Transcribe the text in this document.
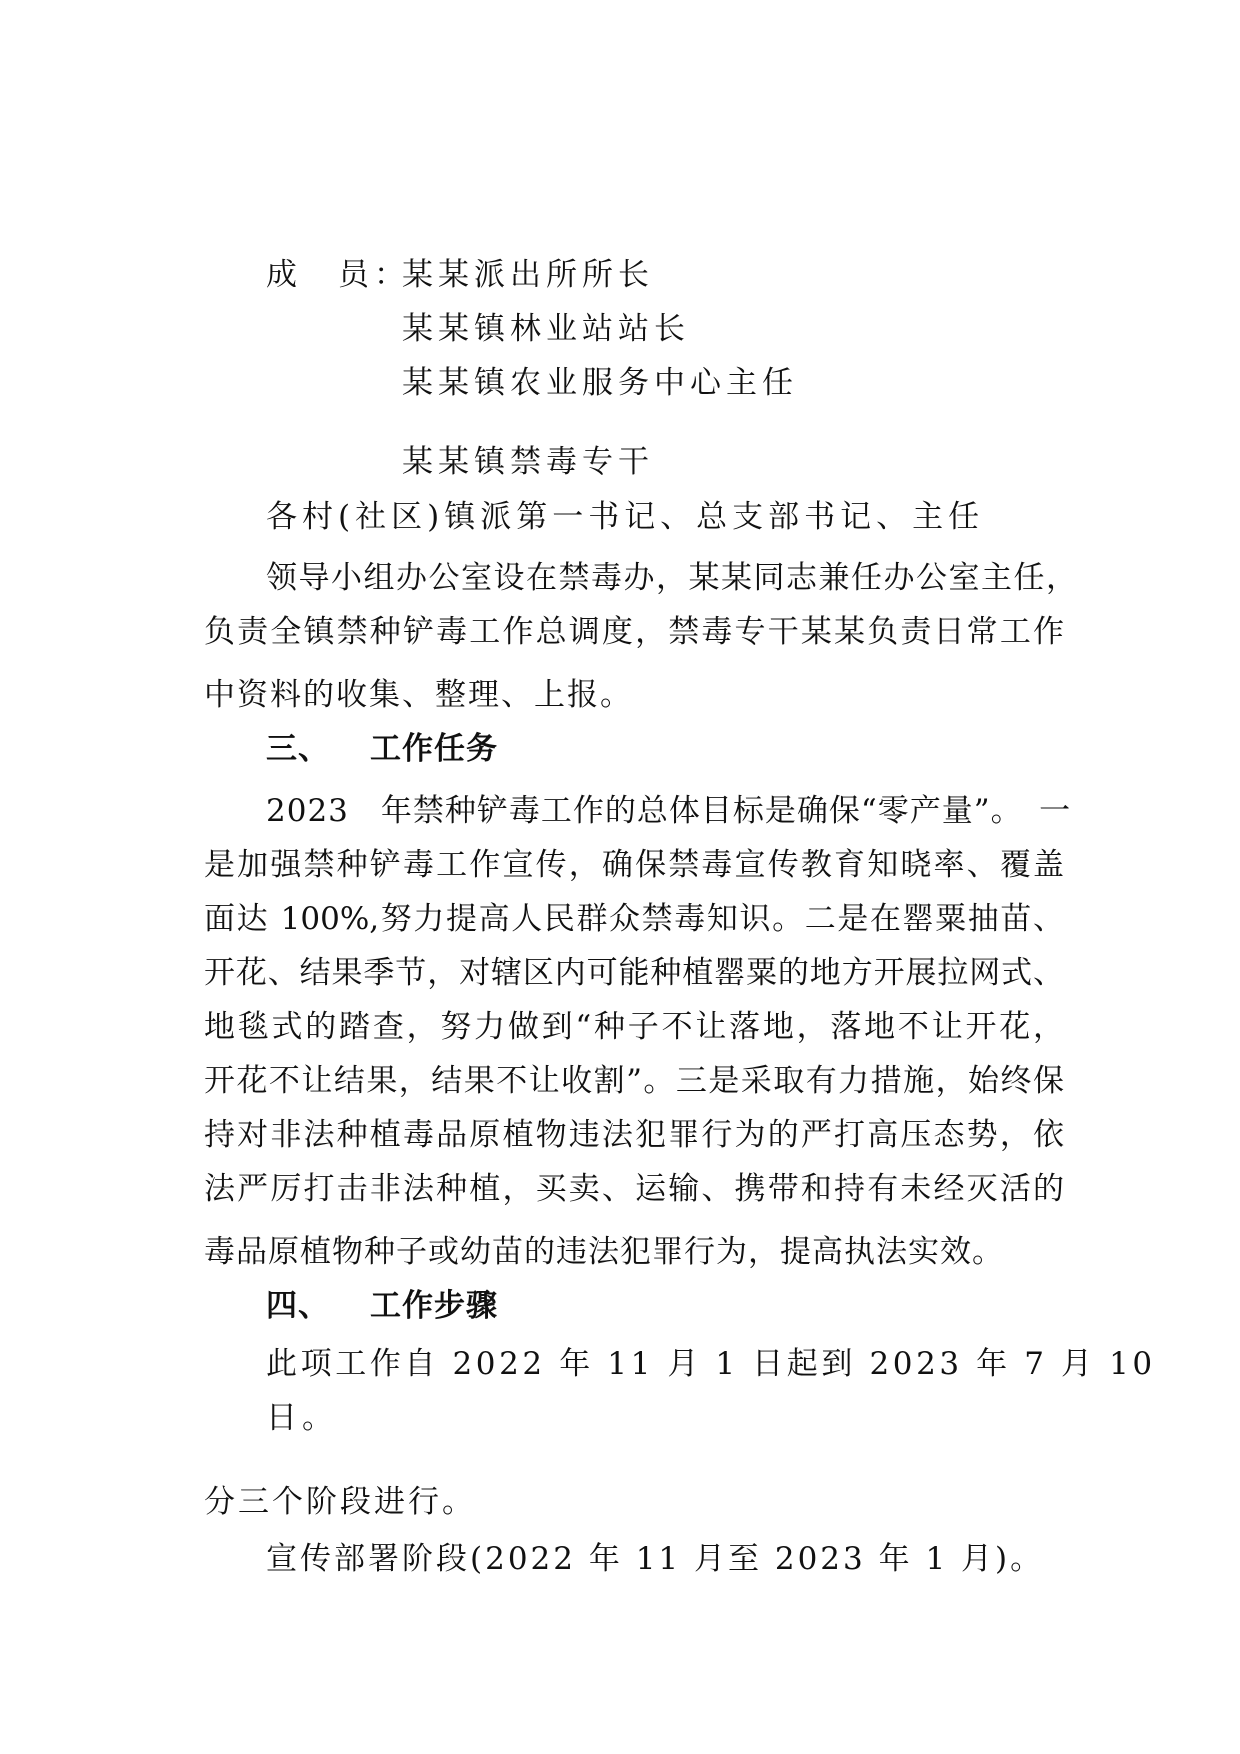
成　员：
某某派出所所长
某某镇林业站站长
某某镇农业服务中心主任
某某镇禁毒专干
各村(社区)镇派第一书记、总支部书记、主任
领导小组办公室设在禁毒办，某某同志兼任办公室主任，
负责全镇禁种铲毒工作总调度，禁毒专干某某负责日常工作
中资料的收集、整理、上报。
三、 工作任务
2023　年禁种铲毒工作的总体目标是确保“零产量”。　一
是加强禁种铲毒工作宣传，确保禁毒宣传教育知晓率、覆盖
面达 100%,努力提高人民群众禁毒知识。二是在罂粟抽苗、
开花、结果季节，对辖区内可能种植罂粟的地方开展拉网式、
地毯式的踏查，努力做到“种子不让落地，落地不让开花，
开花不让结果，结果不让收割”。三是采取有力措施，始终保
持对非法种植毒品原植物违法犯罪行为的严打高压态势，依
法严厉打击非法种植，买卖、运输、携带和持有未经灭活的
毒品原植物种子或幼苗的违法犯罪行为，提高执法实效。
四、 工作步骤
此项工作自 2022 年 11 月 1 日起到 2023 年 7 月 10
日。
分三个阶段进行。
宣传部署阶段(2022 年 11 月至 2023 年 1 月)。
